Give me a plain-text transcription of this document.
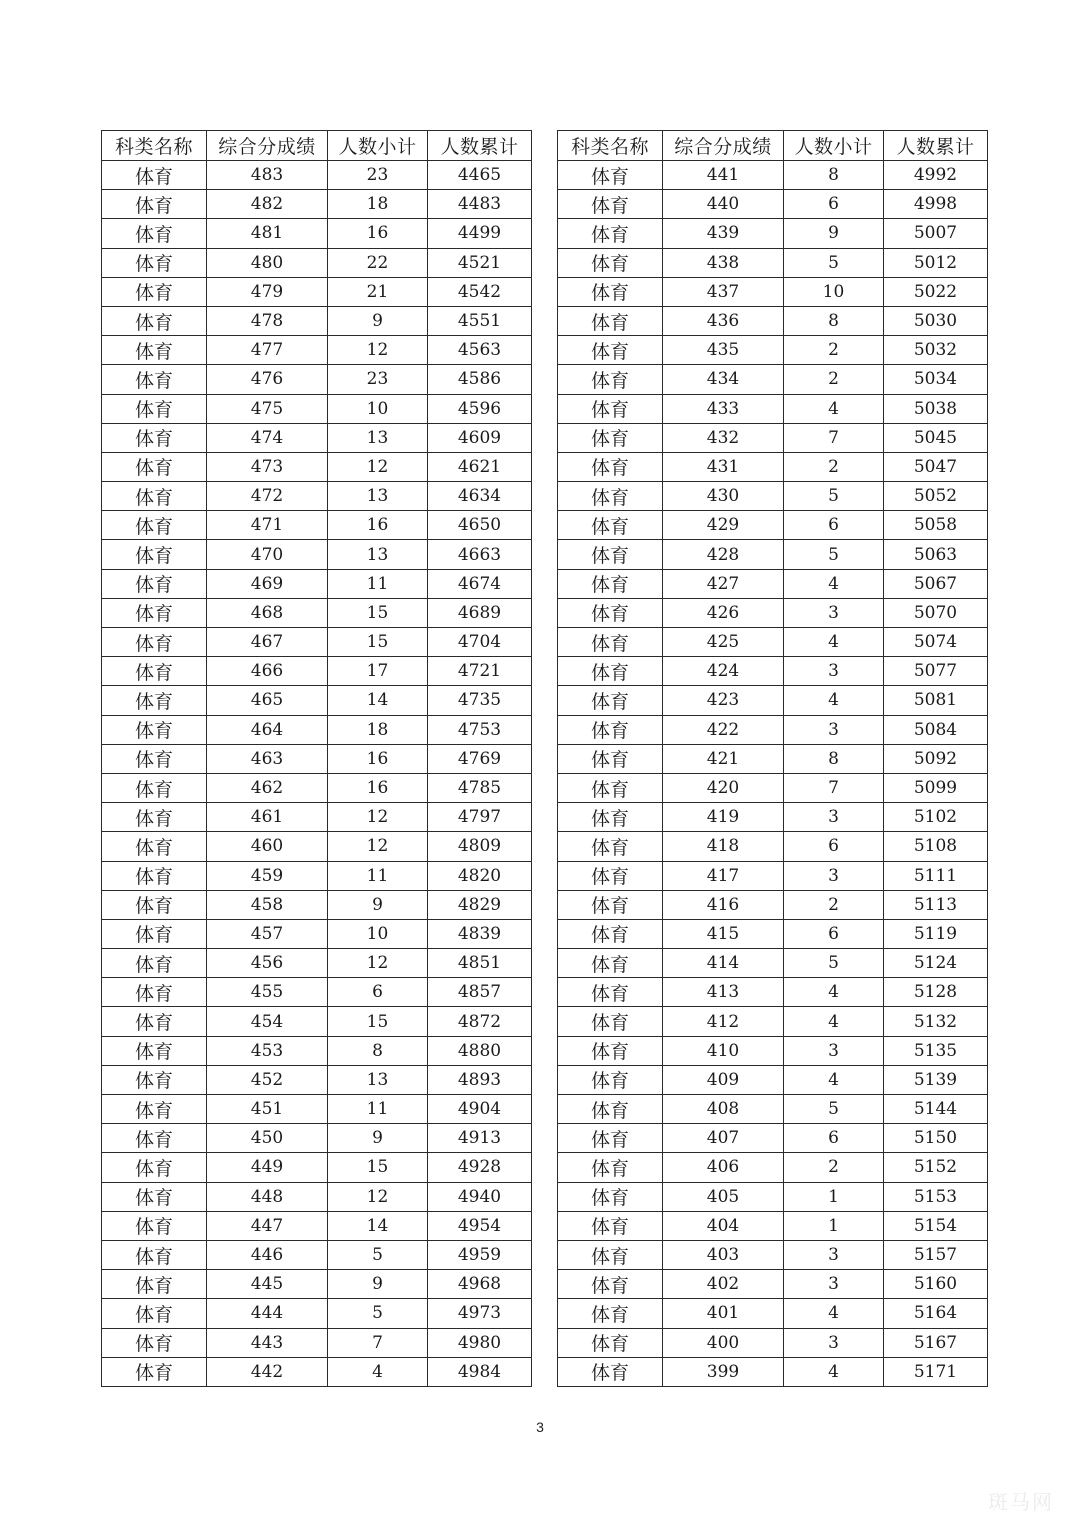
科类名称	综合分成绩	人数小计	人数累计
体育	483	23	4465
体育	482	18	4483
体育	481	16	4499
体育	480	22	4521
体育	479	21	4542
体育	478	9	4551
体育	477	12	4563
体育	476	23	4586
体育	475	10	4596
体育	474	13	4609
体育	473	12	4621
体育	472	13	4634
体育	471	16	4650
体育	470	13	4663
体育	469	11	4674
体育	468	15	4689
体育	467	15	4704
体育	466	17	4721
体育	465	14	4735
体育	464	18	4753
体育	463	16	4769
体育	462	16	4785
体育	461	12	4797
体育	460	12	4809
体育	459	11	4820
体育	458	9	4829
体育	457	10	4839
体育	456	12	4851
体育	455	6	4857
体育	454	15	4872
体育	453	8	4880
体育	452	13	4893
体育	451	11	4904
体育	450	9	4913
体育	449	15	4928
体育	448	12	4940
体育	447	14	4954
体育	446	5	4959
体育	445	9	4968
体育	444	5	4973
体育	443	7	4980
体育	442	4	4984
科类名称	综合分成绩	人数小计	人数累计
体育	441	8	4992
体育	440	6	4998
体育	439	9	5007
体育	438	5	5012
体育	437	10	5022
体育	436	8	5030
体育	435	2	5032
体育	434	2	5034
体育	433	4	5038
体育	432	7	5045
体育	431	2	5047
体育	430	5	5052
体育	429	6	5058
体育	428	5	5063
体育	427	4	5067
体育	426	3	5070
体育	425	4	5074
体育	424	3	5077
体育	423	4	5081
体育	422	3	5084
体育	421	8	5092
体育	420	7	5099
体育	419	3	5102
体育	418	6	5108
体育	417	3	5111
体育	416	2	5113
体育	415	6	5119
体育	414	5	5124
体育	413	4	5128
体育	412	4	5132
体育	410	3	5135
体育	409	4	5139
体育	408	5	5144
体育	407	6	5150
体育	406	2	5152
体育	405	1	5153
体育	404	1	5154
体育	403	3	5157
体育	402	3	5160
体育	401	4	5164
体育	400	3	5167
体育	399	4	5171
3
斑马网
